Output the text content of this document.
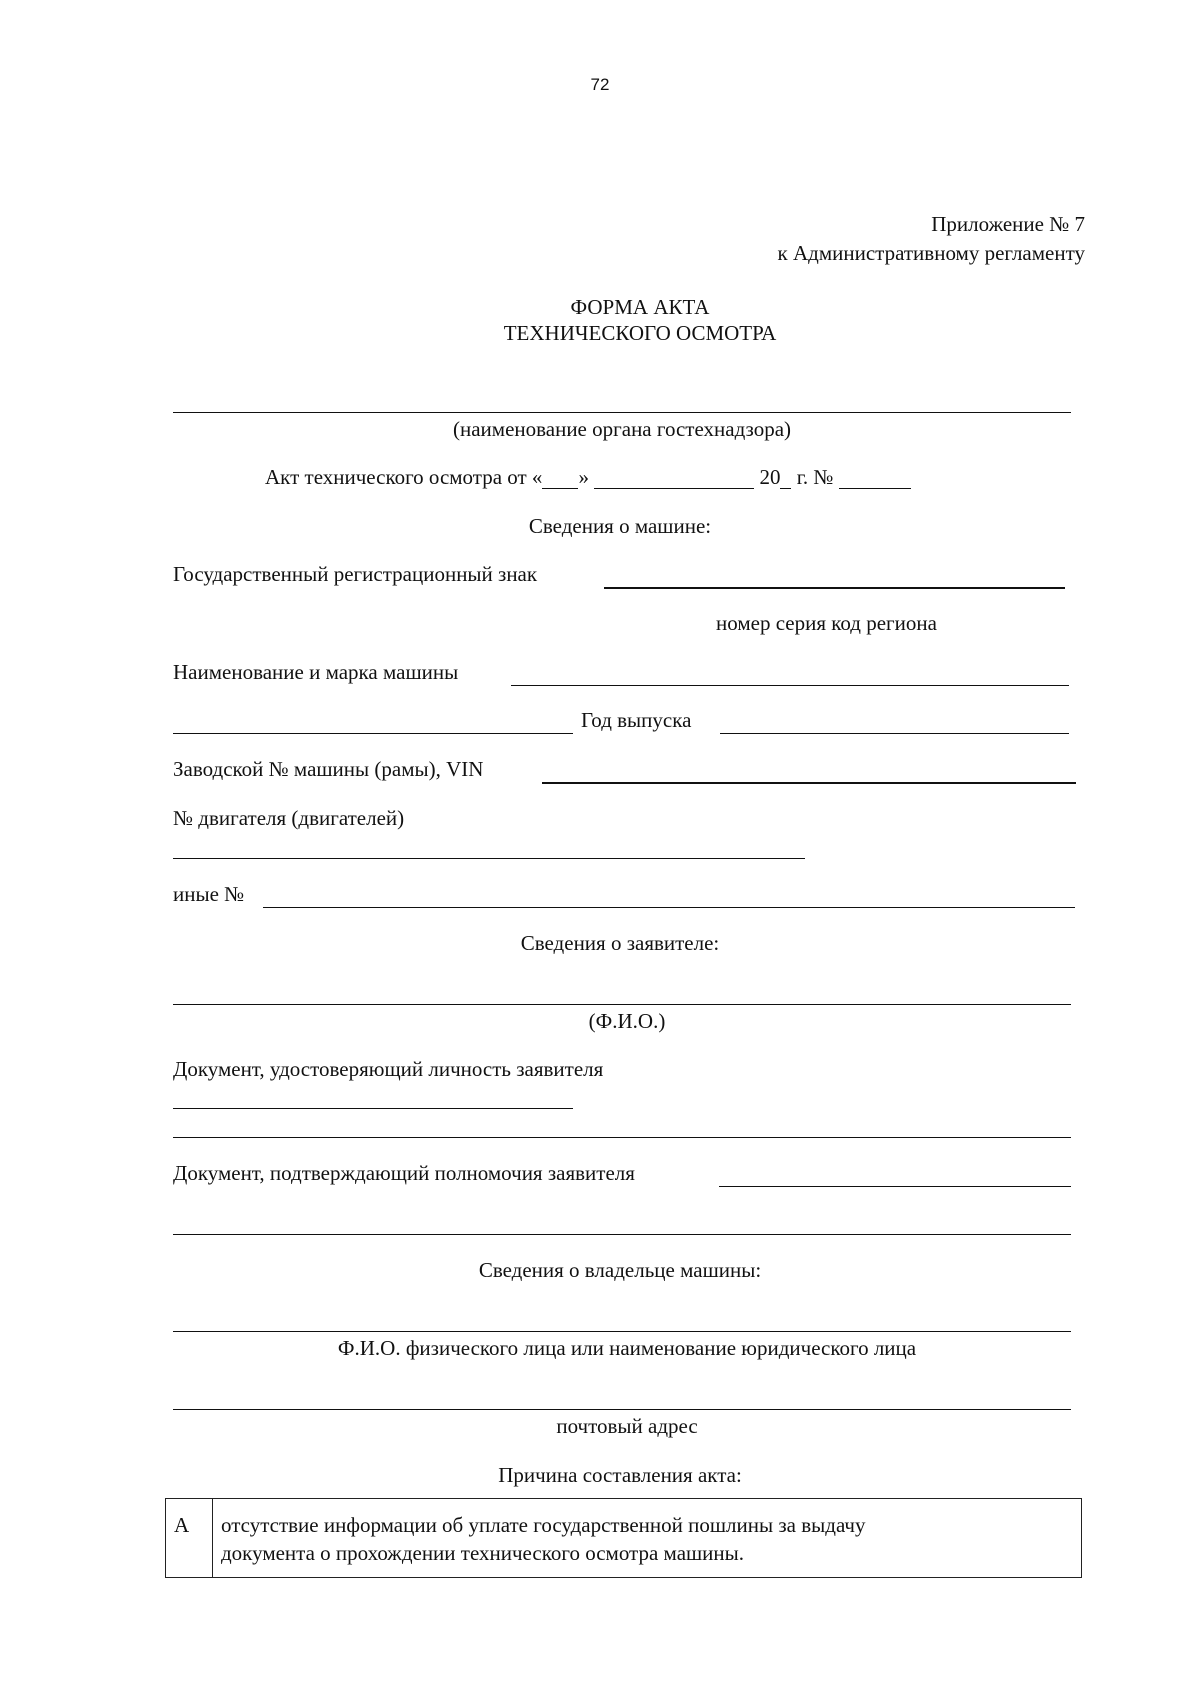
72
Приложение № 7
к Административному регламенту
ФОРМА АКТА
ТЕХНИЧЕСКОГО ОСМОТРА
(наименование органа гостехнадзора)
Акт технического осмотра от « »	20  г. №
Сведения о машине:
Государственный регистрационный знак
номер серия код региона
Наименование и марка машины
Год выпуска
Заводской № машины (рамы), VIN
№ двигателя (двигателей)
иные №
Сведения о заявителе:
(Ф.И.О.)
Документ, удостоверяющий личность заявителя
Документ, подтверждающий полномочия заявителя
Сведения о владельце машины:
Ф.И.О. физического лица или наименование юридического лица
почтовый адрес
Причина составления акта:
А	отсутствие информации об уплате государственной пошлины за выдачу
документа о прохождении технического осмотра машины.
